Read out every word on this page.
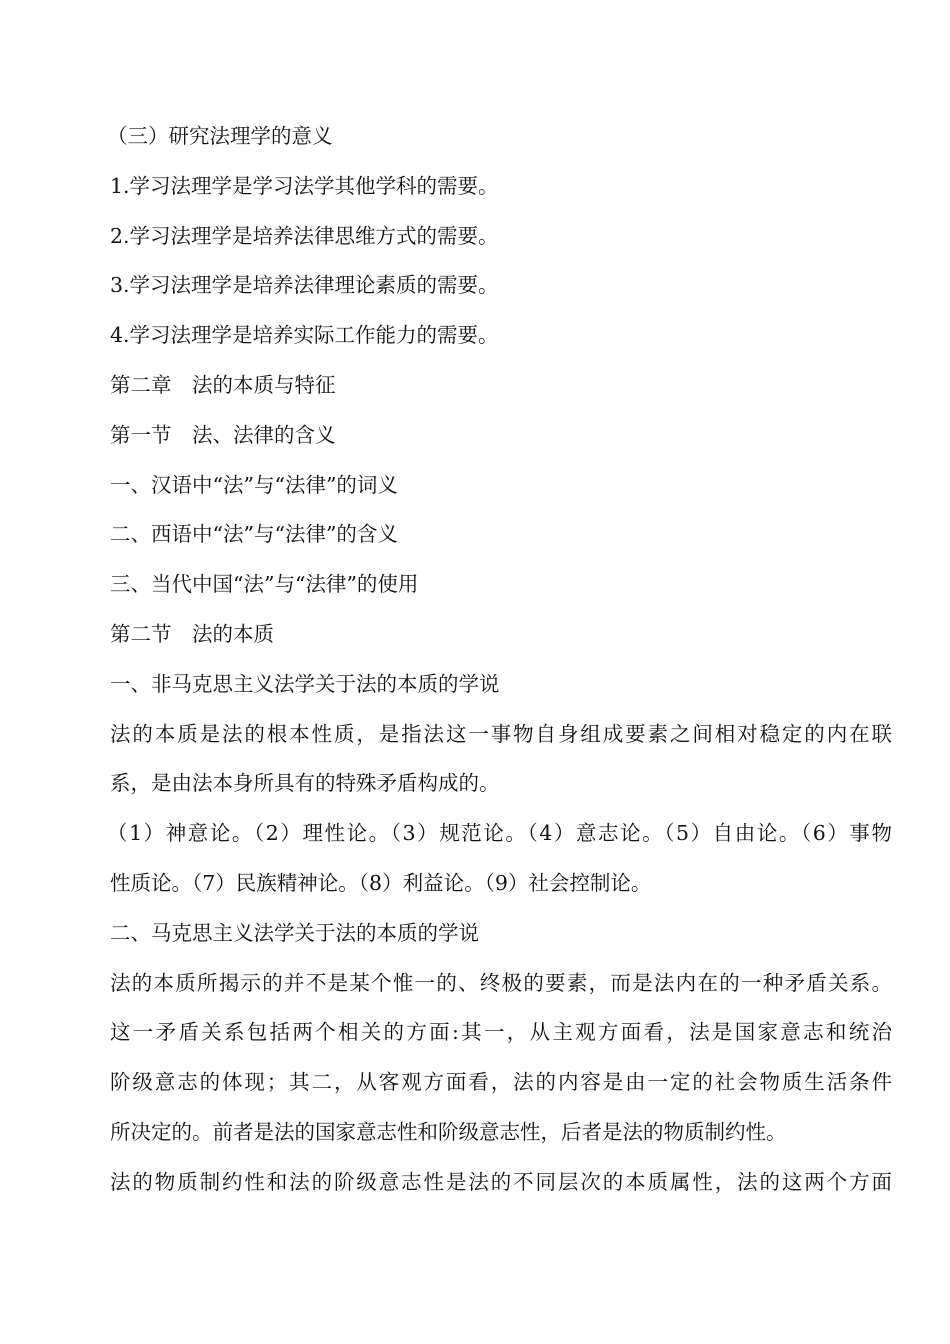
（三）研究法理学的意义
1.学习法理学是学习法学其他学科的需要。
2.学习法理学是培养法律思维方式的需要。
3.学习法理学是培养法律理论素质的需要。
4.学习法理学是培养实际工作能力的需要。
第二章　法的本质与特征
第一节　法、法律的含义
一、汉语中“法”与“法律”的词义
二、西语中“法”与“法律”的含义
三、当代中国“法”与“法律”的使用
第二节　法的本质
一、非马克思主义法学关于法的本质的学说
法的本质是法的根本性质，是指法这一事物自身组成要素之间相对稳定的内在联
系，是由法本身所具有的特殊矛盾构成的。
（1）神意论。（2）理性论。（3）规范论。（4）意志论。（5）自由论。（6）事物
性质论。（7）民族精神论。（8）利益论。（9）社会控制论。
二、马克思主义法学关于法的本质的学说
法的本质所揭示的并不是某个惟一的、终极的要素，而是法内在的一种矛盾关系。
这一矛盾关系包括两个相关的方面:其一，从主观方面看，法是国家意志和统治
阶级意志的体现；其二，从客观方面看，法的内容是由一定的社会物质生活条件
所决定的。前者是法的国家意志性和阶级意志性，后者是法的物质制约性。
法的物质制约性和法的阶级意志性是法的不同层次的本质属性，法的这两个方面
